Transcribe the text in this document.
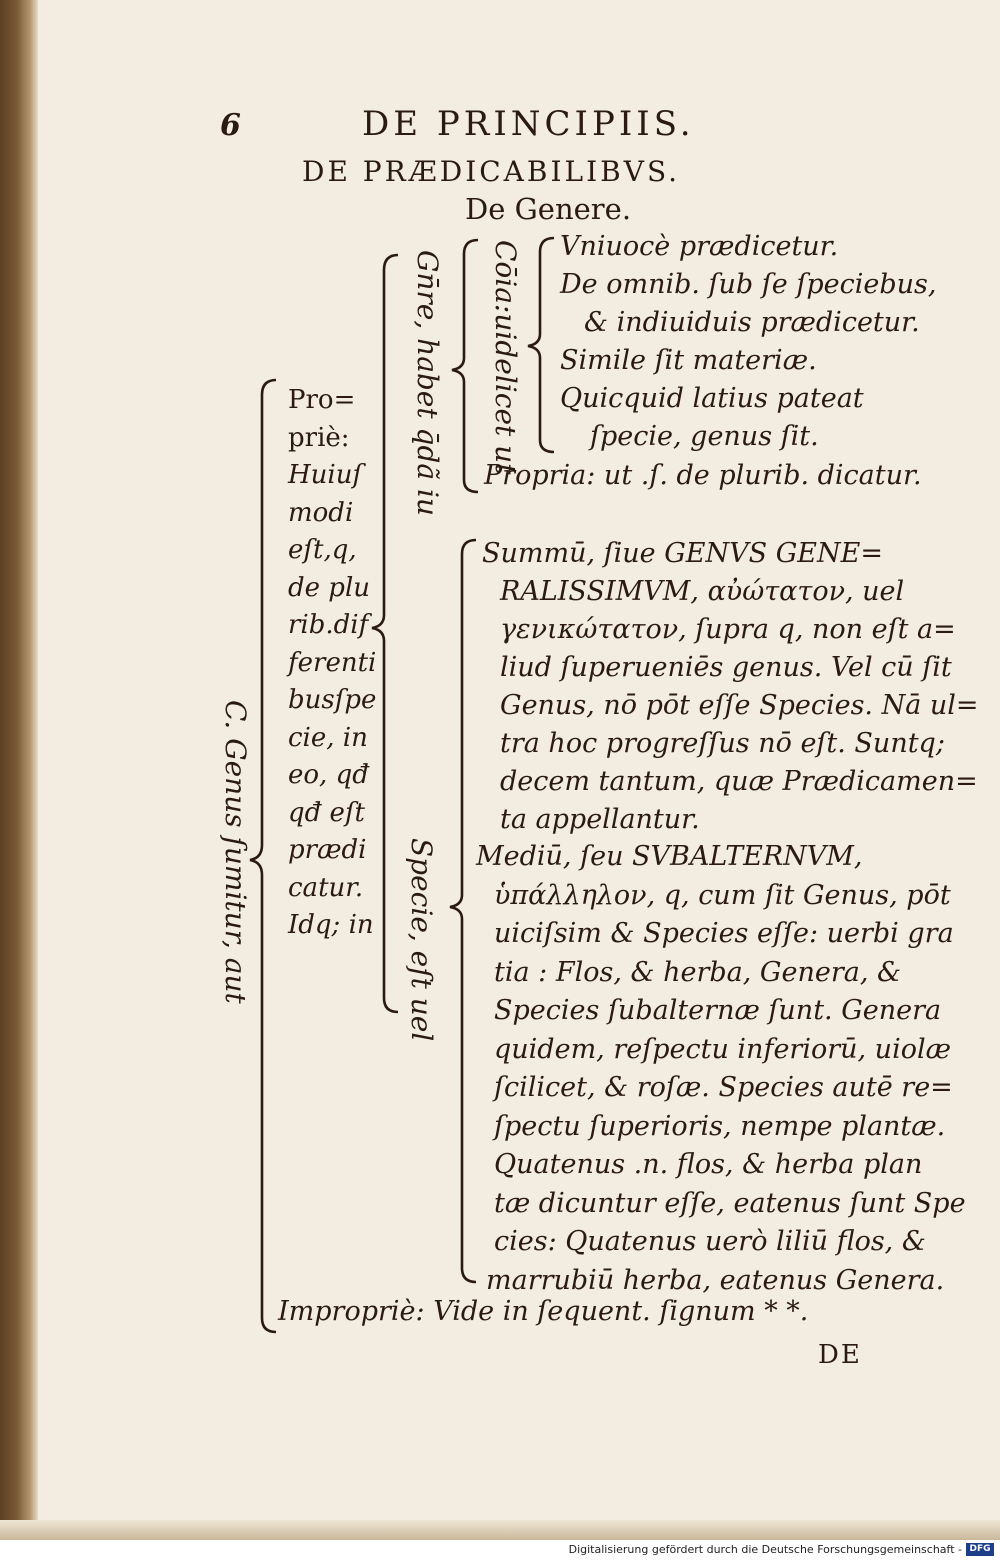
6	DE PRINCIPIIS.
DE PRÆDICABILIBVS.
De Genere.
C. Genus ſumitur, aut
Pro=
priè:
Huiuſ
modi
eſt,q,
de plu
rib.dif
ferenti
busſpe
cie, in
eo, qđ
qđ eſt
prædi
catur.
Idq; in
Gn̄re, habet q̄dã iu Cōia:uidelicet ut Vniuocè prædicetur.
De omnib. ſub ſe ſpeciebus,
& indiuiduis prædicetur.
Simile ſit materiæ.
Quicquid latius pateat
ſpecie, genus ſit.
Propria: ut .ſ. de plurib. dicatur.
Specie, eſt uel
Summū, ſiue GENVS GENE=
RALISSIMVM, αὐώτατον, uel
γενικώτατον, ſupra q, non eſt a=
liud ſuperueniēs genus. Vel cū ſit
Genus, nō pōt eſſe Species. Nā ul=
tra hoc progreſſus nō eſt. Suntq;
decem tantum, quæ Prædicamen=
ta appellantur.
Mediū, ſeu SVBALTERNVM,
ὑπάλληλον, q, cum ſit Genus, pōt
uiciſsim & Species eſſe: uerbi gra
tia : Flos, & herba, Genera, &
Species ſubalternæ ſunt. Genera
quidem, reſpectu inferiorū, uiolæ
ſcilicet, & roſæ. Species autē re=
ſpectu ſuperioris, nempe plantæ.
Quatenus .n. flos, & herba plan
tæ dicuntur eſſe, eatenus ſunt Spe
cies: Quatenus uerò liliū flos, &
marrubiū herba, eatenus Genera.
Impropriè: Vide in ſequent. ſignum * *.
DE
Digitalisierung gefördert durch die Deutsche Forschungsgemeinschaft - DFG
